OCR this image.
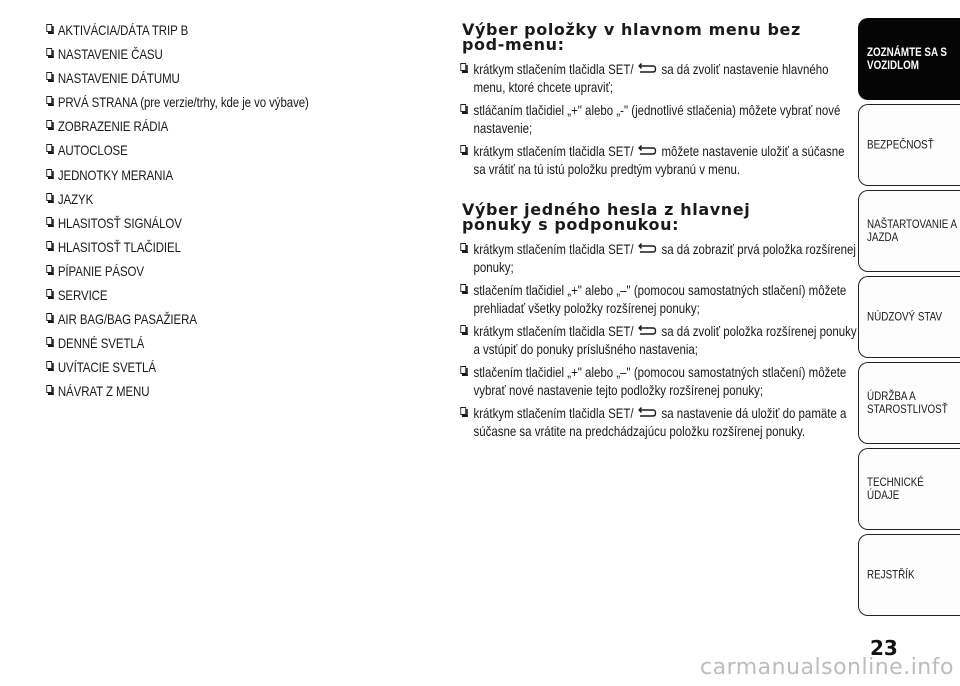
AKTIVÁCIA/DÁTA TRIP B
NASTAVENIE ČASU
NASTAVENIE DÁTUMU
PRVÁ STRANA (pre verzie/trhy, kde je vo výbave)
ZOBRAZENIE RÁDIA
AUTOCLOSE
JEDNOTKY MERANIA
JAZYK
HLASITOSŤ SIGNÁLOV
HLASITOSŤ TLAČIDIEL
PÍPANIE PÁSOV
SERVICE
AIR BAG/BAG PASAŽIERA
DENNÉ SVETLÁ
UVÍTACIE SVETLÁ
NÁVRAT Z MENU
Výber položky v hlavnom menu bez
pod-menu:
krátkym stlačením tlačidla SET/ sa dá zvoliť nastavenie hlavného menu, ktoré chcete upraviť;
stláčaním tlačidiel „+" alebo „-" (jednotlivé stlačenia) môžete vybrať nové nastavenie;
krátkym stlačením tlačidla SET/ môžete nastavenie uložiť a súčasne sa vrátiť na tú istú položku predtým vybranú v menu.
Výber jedného hesla z hlavnej
ponuky s podponukou:
krátkym stlačením tlačidla SET/ sa dá zobraziť prvá položka rozšírenej ponuky;
stlačením tlačidiel „+" alebo „–" (pomocou samostatných stlačení) môžete prehliadať všetky položky rozšírenej ponuky;
krátkym stlačením tlačidla SET/ sa dá zvoliť položka rozšírenej ponuky a vstúpiť do ponuky príslušného nastavenia;
stlačením tlačidiel „+" alebo „–" (pomocou samostatných stlačení) môžete vybrať nové nastavenie tejto podložky rozšírenej ponuky;
krátkym stlačením tlačidla SET/ sa nastavenie dá uložiť do pamäte a súčasne sa vrátite na predchádzajúcu položku rozšírenej ponuky.
ZOZNÁMTE SA S VOZIDLOM
BEZPEČNOSŤ
NAŠTARTOVANIE A JAZDA
NÚDZOVÝ STAV
ÚDRŽBA A STAROSTLIVOSŤ
TECHNICKÉ ÚDAJE
REJSTŘÍK
23
carmanualsonline.info
